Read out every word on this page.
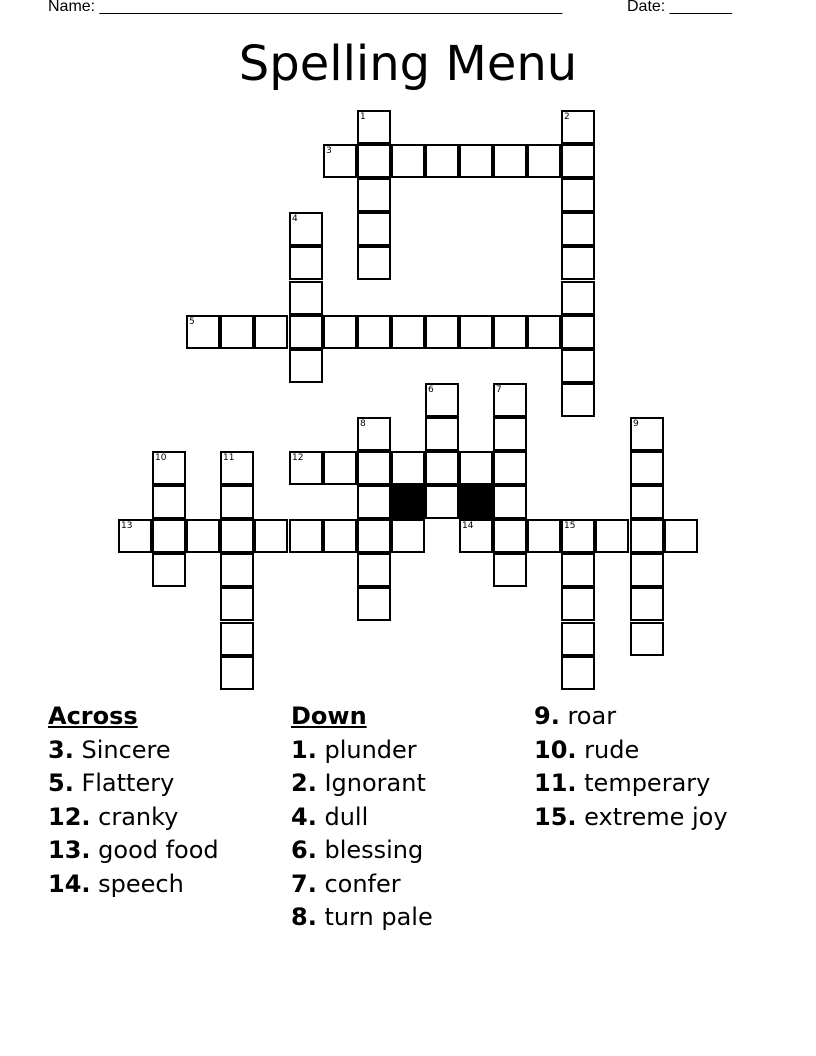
Name: ____________________________________________________	Date: _______
Spelling Menu
1	2
3
4
5
6	7
8	9
10	11	12
13	14	15
Across
3. Sincere
5. Flattery
12. cranky
13. good food
14. speech
Down
1. plunder
2. Ignorant
4. dull
6. blessing
7. confer
8. turn pale
9. roar
10. rude
11. temperary
15. extreme joy
